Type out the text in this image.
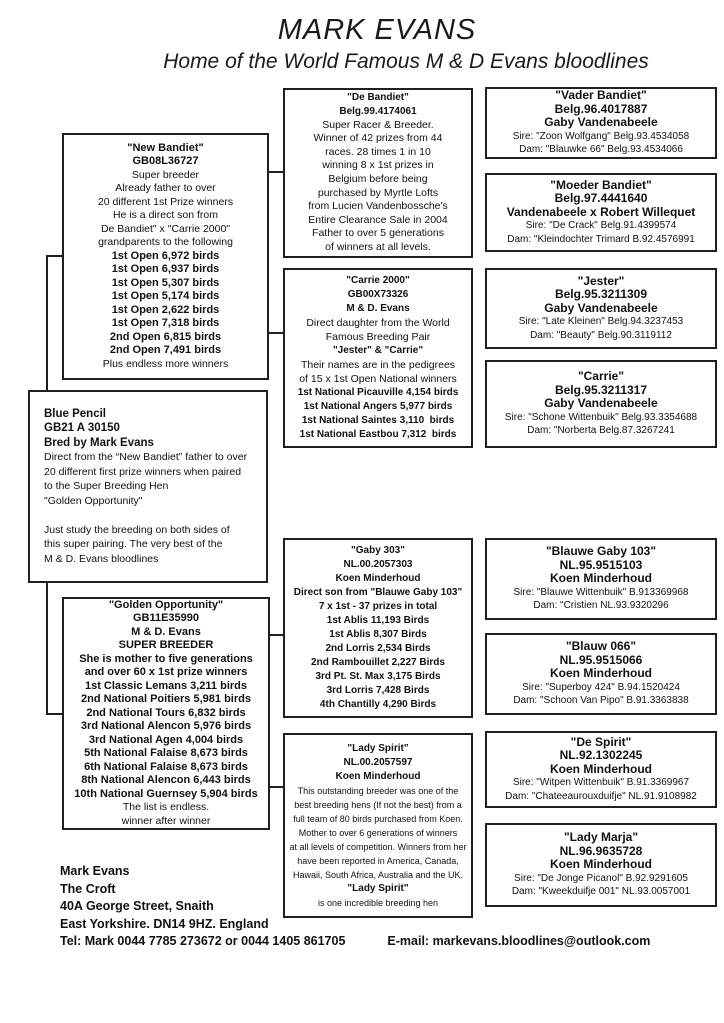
MARK EVANS
Home of the World Famous M & D Evans bloodlines
"New Bandiet"
GB08L36727
Super breeder
Already father to over
20 different 1st Prize winners
He is a direct son from
De Bandiet" x "Carrie 2000"
grandparents to the following
1st Open 6,972 birds
1st Open 6,937 birds
1st Open 5,307 birds
1st Open 5,174 birds
1st Open 2,622 birds
1st Open 7,318 birds
2nd Open 6,815 birds
2nd Open 7,491 birds
Plus endless more winners
Blue Pencil
GB21 A 30150
Bred by Mark Evans
Direct from the “New Bandiet” father to over
20 different first prize winners when paired
to the Super Breeding Hen
"Golden Opportunity"

Just study the breeding on both sides of
this super pairing. The very best of the
M & D. Evans bloodlines
"Golden Opportunity"
GB11E35990
M & D. Evans
SUPER BREEDER
She is mother to five generations
and over 60 x 1st prize winners
1st Classic Lemans 3,211 birds
2nd National Poitiers 5,981 birds
2nd National Tours 6,832 birds
3rd National Alencon 5,976 birds
3rd National Agen 4,004 birds
5th National Falaise 8,673 birds
6th National Falaise 8,673 birds
8th National Alencon 6,443 birds
10th National Guernsey 5,904 birds
The list is endless.
winner after winner
"De Bandiet"
Belg.99.4174061
Super Racer & Breeder.
Winner of 42 prizes from 44
races. 28 times 1 in 10
winning 8 x 1st prizes in
Belgium before being
purchased by Myrtle Lofts
from Lucien Vandenbossche's
Entire Clearance Sale in 2004
Father to over 5 generations
of winners at all levels.
"Carrie 2000"
GB00X73326
M & D. Evans
Direct daughter from the World
Famous Breeding Pair
"Jester" & "Carrie"
Their names are in the pedigrees
of 15 x 1st Open National winners
1st National Picauville 4,154 birds
1st National Angers 5,977 birds
1st National Saintes 3,110  birds
1st National Eastbou 7,312  birds
"Gaby 303"
NL.00.2057303
Koen Minderhoud
Direct son from "Blauwe Gaby 103"
7 x 1st - 37 prizes in total
1st Ablis 11,193 Birds
1st Ablis 8,307 Birds
2nd Lorris 2,534 Birds
2nd Rambouillet 2,227 Birds
3rd Pt. St. Max 3,175 Birds
3rd Lorris 7,428 Birds
4th Chantilly 4,290 Birds
"Lady Spirit"
NL.00.2057597
Koen Minderhoud
This outstanding breeder was one of the
best breeding hens (If not the best) from a
full team of 80 birds purchased from Koen.
Mother to over 6 generations of winners
at all levels of competition. Winners from her
have been reported in America, Canada,
Hawaii, South Africa, Australia and the UK.
"Lady Spirit"
is one incredible breeding hen
"Vader Bandiet"
Belg.96.4017887
Gaby Vandenabeele
Sire: "Zoon Wolfgang" Belg.93.4534058
Dam: "Blauwke 66" Belg.93.4534066
"Moeder Bandiet"
Belg.97.4441640
Vandenabeele x Robert Willequet
Sire: "De Crack" Belg.91.4399574
Dam: "Kleindochter Trimard B.92.4576991
"Jester"
Belg.95.3211309
Gaby Vandenabeele
Sire: "Late Kleinen" Belg.94.3237453
Dam: "Beauty" Belg.90.3119112
"Carrie"
Belg.95.3211317
Gaby Vandenabeele
Sire: "Schone Wittenbuik" Belg.93.3354688
Dam: "Norberta Belg.87.3267241
"Blauwe Gaby 103"
NL.95.9515103
Koen Minderhoud
Sire: "Blauwe Wittenbuik" B.913369968
Dam: "Cristien NL.93.9320296
"Blauw 066"
NL.95.9515066
Koen Minderhoud
Sire: "Superboy 424" B.94.1520424
Dam: "Schoon Van Pipo" B.91.3363838
"De Spirit"
NL.92.1302245
Koen Minderhoud
Sire: "Witpen Wittenbuik" B.91.3369967
Dam: "Chateeaurouxduifje" NL.91.9108982
"Lady Marja"
NL.96.9635728
Koen Minderhoud
Sire: "De Jonge Picanol" B.92.9291605
Dam: "Kweekduifje 001" NL.93.0057001
Mark Evans
The Croft
40A George Street, Snaith
East Yorkshire. DN14 9HZ. England
Tel: Mark 0044 7785 273672 or 0044 1405 861705	E-mail: markevans.bloodlines@outlook.com
